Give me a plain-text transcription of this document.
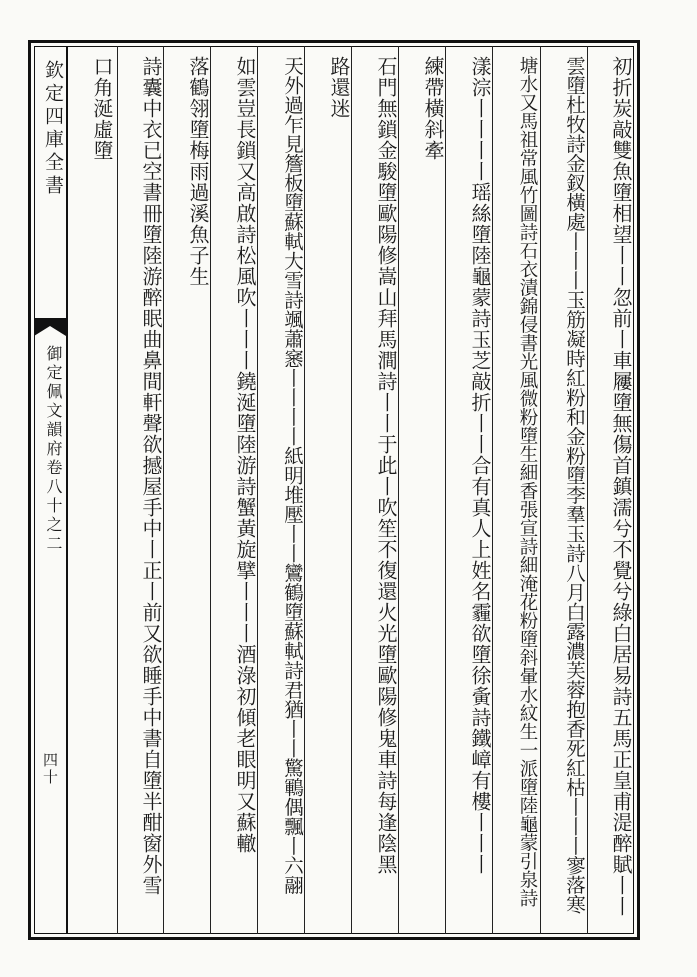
欽定四庫全書
御定佩文韻府卷八十之二
四十	初折炭敲雙魚墮相望丨丨忽前丨車屨墮無傷首鎮濡兮不覺兮綠白居易詩五馬正皇甫湜醉賦丨丨
雲墮杜牧詩金釵橫處丨丨丨玉筋凝時紅粉和金粉墮李羣玉詩八月白露濃芙蓉抱香死紅枯丨丨丨寥落寒
塘水又馬祖常風竹圖詩石衣漬錦侵書光風微粉墮生細香張宣詩細淹花粉墮斜暈水紋生一派墮陸龜蒙引泉詩
漾淙丨丨丨丨瑶絲墮陸龜蒙詩玉芝敲折丨丨合有真人上姓名霾欲墮徐夤詩鐵嶂有樓丨丨丨
練帶橫斜牽
石門無鎖金駿墮歐陽修嵩山拜馬澗詩丨丨于此丨吹笙不復還火光墮歐陽修鬼車詩每逢陰黑
路還迷
天外過乍見簷板墮蘇軾大雪詩颯蕭窸丨丨丨丨紙明堆壓丨丨鸞鶴墮蘇軾詩君猶丨丨驚鶤偶飄丨六翮
如雲豈長鎖又高啟詩松風吹丨丨丨鐃涎墮陸游詩蟹黃旋擘丨丨丨酒淥初傾老眼明又蘇轍
落鶴翎墮梅雨過溪魚子生
詩囊中衣已空書冊墮陸游醉眠曲鼻間軒聲欲撼屋手中丨正丨前又欲睡手中書自墮半酣窗外雪
口角涎虛墮
